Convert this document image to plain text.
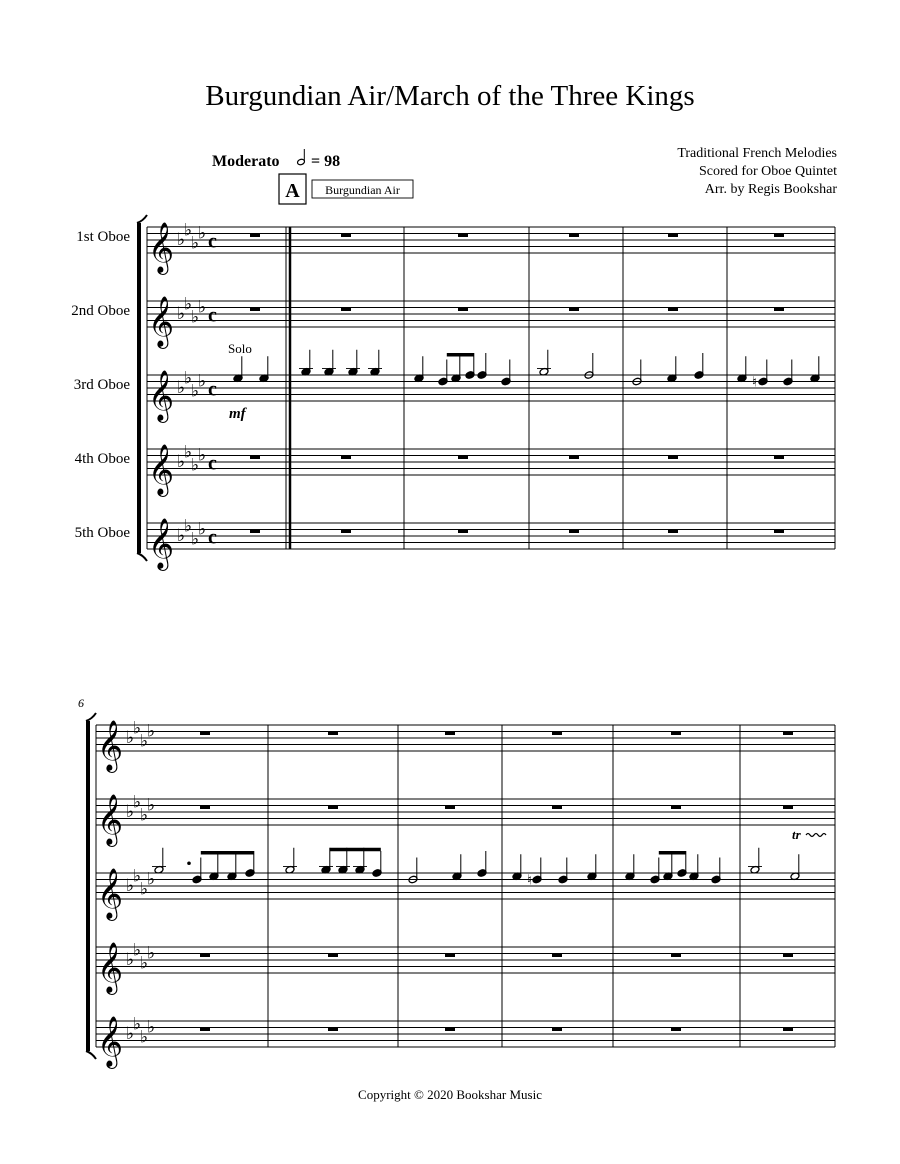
Burgundian Air/March of the Three Kings
Traditional French Melodies
Scored for Oboe Quintet
Arr. by Regis Bookshar
Moderato = 98
A Burgundian Air
1st Oboe
2nd Oboe
3rd Oboe
4th Oboe
5th Oboe
Solo
mf
6
tr
𝄞 ♭
♭
♭
♭ c
𝄞 ♭
♭
♭
♭ c
𝄞 ♭
♭
♭
♭ c
𝄞 ♭
♭
♭
♭ c
𝄞 ♭
♭
♭
♭ c
♮
𝄞 ♭
♭
♭
♭
𝄞 ♭
♭
♭
♭
𝄞 ♭
♭
♭
♭
𝄞 ♭
♭
♭
♭
𝄞 ♭
♭
♭
♭
♮
Copyright © 2020 Bookshar Music
